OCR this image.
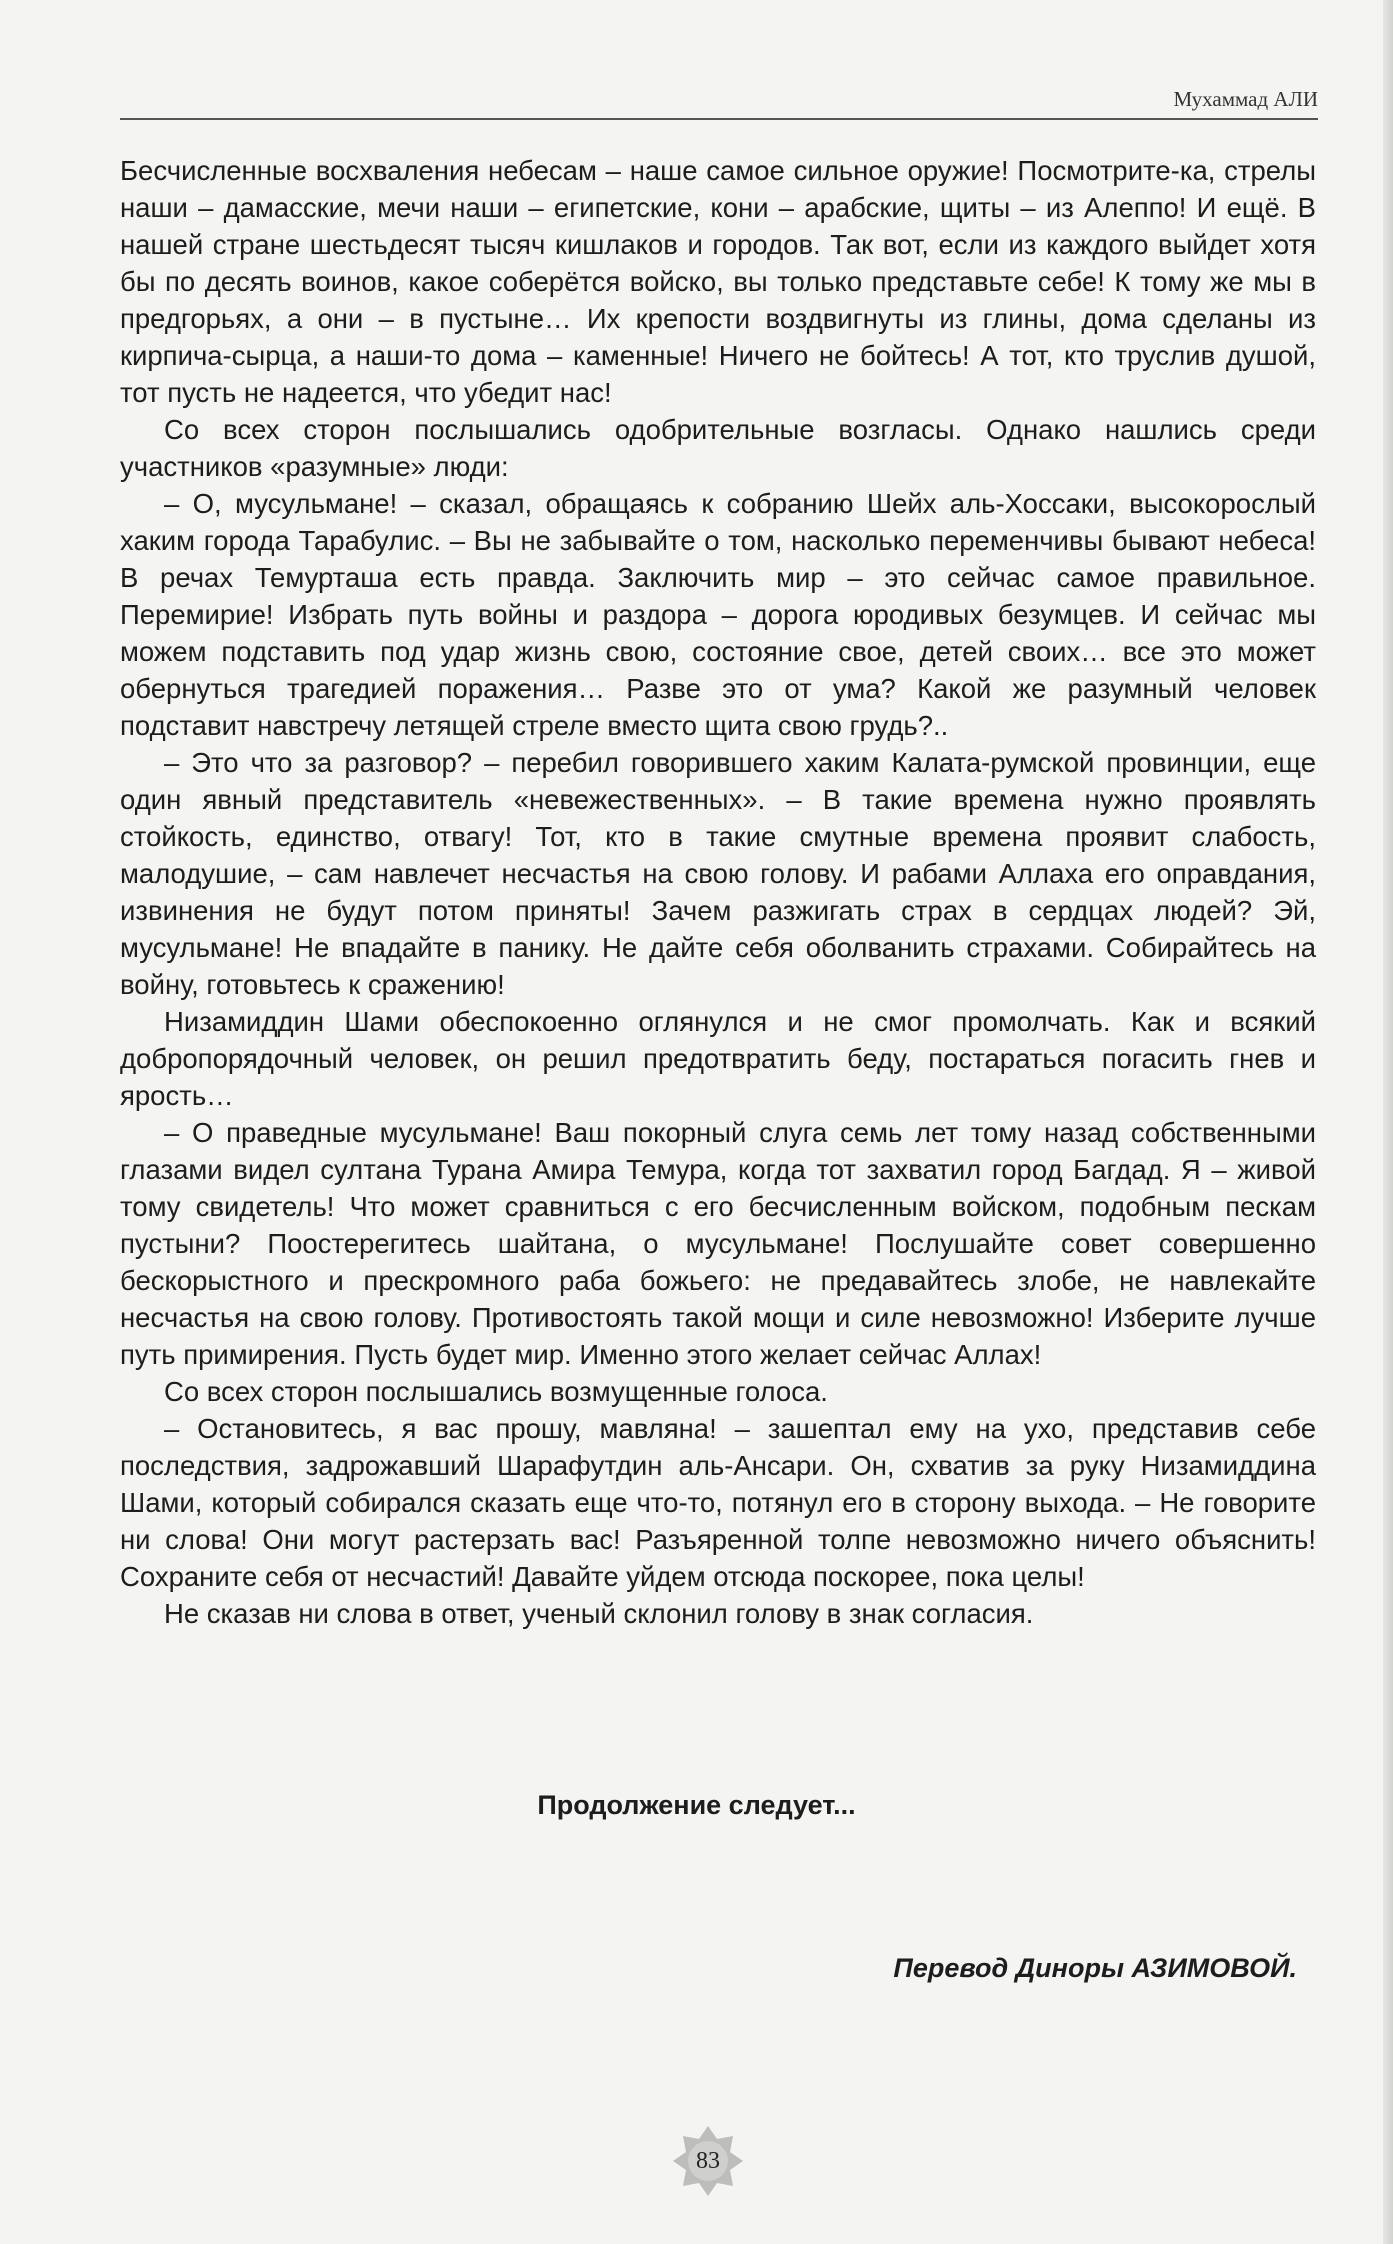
Мухаммад АЛИ

Бесчисленные восхваления небесам – наше самое сильное оружие! Посмотрите-ка, стрелы наши – дамасские, мечи наши – египетские, кони – арабские, щиты – из Алеппо! И ещё. В нашей стране шестьдесят тысяч кишлаков и городов. Так вот, если из каждого выйдет хотя бы по десять воинов, какое соберётся войско, вы только представьте себе! К тому же мы в предгорьях, а они – в пустыне… Их крепости воздвигнуты из глины, дома сделаны из кирпича-сырца, а наши-то дома – каменные! Ничего не бойтесь! А тот, кто труслив душой, тот пусть не надеется, что убедит нас!

Со всех сторон послышались одобрительные возгласы. Однако нашлись среди участников «разумные» люди:

– О, мусульмане! – сказал, обращаясь к собранию Шейх аль-Хоссаки, высокорослый хаким города Тарабулис. – Вы не забывайте о том, насколько переменчивы бывают небеса! В речах Темурташа есть правда. Заключить мир – это сейчас самое правильное. Перемирие! Избрать путь войны и раздора – дорога юродивых безумцев. И сейчас мы можем подставить под удар жизнь свою, состояние свое, детей своих… все это может обернуться трагедией поражения… Разве это от ума? Какой же разумный человек подставит навстречу летящей стреле вместо щита свою грудь?..

– Это что за разговор? – перебил говорившего хаким Калата-румской провинции, еще один явный представитель «невежественных». – В такие времена нужно проявлять стойкость, единство, отвагу! Тот, кто в такие смутные времена проявит слабость, малодушие, – сам навлечет несчастья на свою голову. И рабами Аллаха его оправдания, извинения не будут потом приняты! Зачем разжигать страх в сердцах людей? Эй, мусульмане! Не впадайте в панику. Не дайте себя оболванить страхами. Собирайтесь на войну, готовьтесь к сражению!

Низамиддин Шами обеспокоенно оглянулся и не смог промолчать. Как и всякий добропорядочный человек, он решил предотвратить беду, постараться погасить гнев и ярость…

– О праведные мусульмане! Ваш покорный слуга семь лет тому назад собственными глазами видел султана Турана Амира Темура, когда тот захватил город Багдад. Я – живой тому свидетель! Что может сравниться с его бесчисленным войском, подобным пескам пустыни? Поостерегитесь шайтана, о мусульмане! Послушайте совет совершенно бескорыстного и прескромного раба божьего: не предавайтесь злобе, не навлекайте несчастья на свою голову. Противостоять такой мощи и силе невозможно! Изберите лучше путь примирения. Пусть будет мир. Именно этого желает сейчас Аллах!

Со всех сторон послышались возмущенные голоса.

– Остановитесь, я вас прошу, мавляна! – зашептал ему на ухо, представив себе последствия, задрожавший Шарафутдин аль-Ансари. Он, схватив за руку Низамиддина Шами, который собирался сказать еще что-то, потянул его в сторону выхода. – Не говорите ни слова! Они могут растерзать вас! Разъяренной толпе невозможно ничего объяснить! Сохраните себя от несчастий! Давайте уйдем отсюда поскорее, пока целы!

Не сказав ни слова в ответ, ученый склонил голову в знак согласия.

Продолжение следует...
Перевод Диноры АЗИМОВОЙ.
83
